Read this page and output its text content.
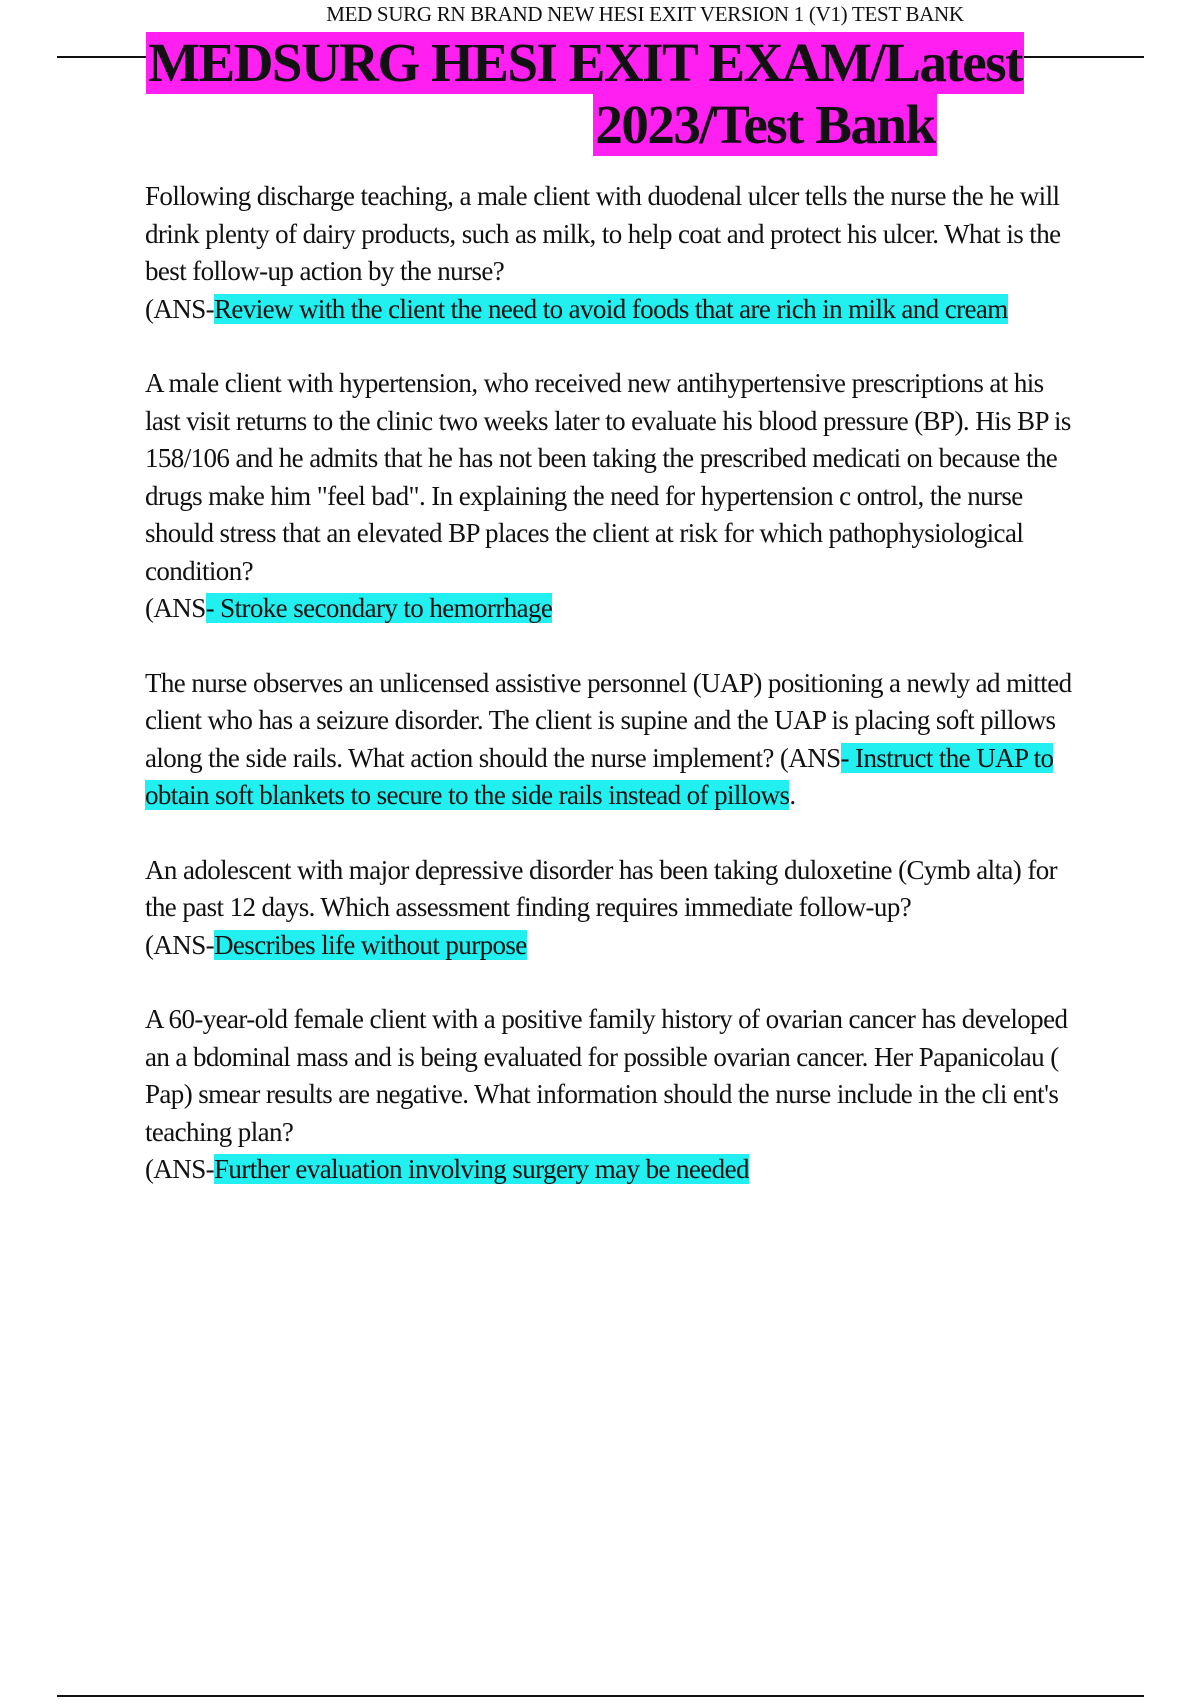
MED SURG RN BRAND NEW HESI EXIT VERSION 1 (V1) TEST BANK
MEDSURG HESI EXIT EXAM/Latest
2023/Test Bank
Following discharge teaching, a male client with duodenal ulcer tells the nurse the he will drink plenty of dairy products, such as milk, to help coat and protect his ulcer. What is the best follow-up action by the nurse?
(ANS-Review with the client the need to avoid foods that are rich in milk and cream
A male client with hypertension, who received new antihypertensive prescriptions at his last visit returns to the clinic two weeks later to evaluate his blood pressure (BP). His BP is 158/106 and he admits that he has not been taking the prescribed medicati on because the drugs make him "feel bad". In explaining the need for hypertension c ontrol, the nurse should stress that an elevated BP places the client at risk for which pathophysiological condition?
(ANS- Stroke secondary to hemorrhage
The nurse observes an unlicensed assistive personnel (UAP) positioning a newly ad mitted client who has a seizure disorder. The client is supine and the UAP is placing soft pillows along the side rails. What action should the nurse implement? (ANS- Instruct the UAP to obtain soft blankets to secure to the side rails instead of pillows.
An adolescent with major depressive disorder has been taking duloxetine (Cymb alta) for the past 12 days. Which assessment finding requires immediate follow-up?
(ANS-Describes life without purpose
A 60-year-old female client with a positive family history of ovarian cancer has developed an a bdominal mass and is being evaluated for possible ovarian cancer. Her Papanicolau ( Pap) smear results are negative. What information should the nurse include in the cli ent's teaching plan?
(ANS-Further evaluation involving surgery may be needed
